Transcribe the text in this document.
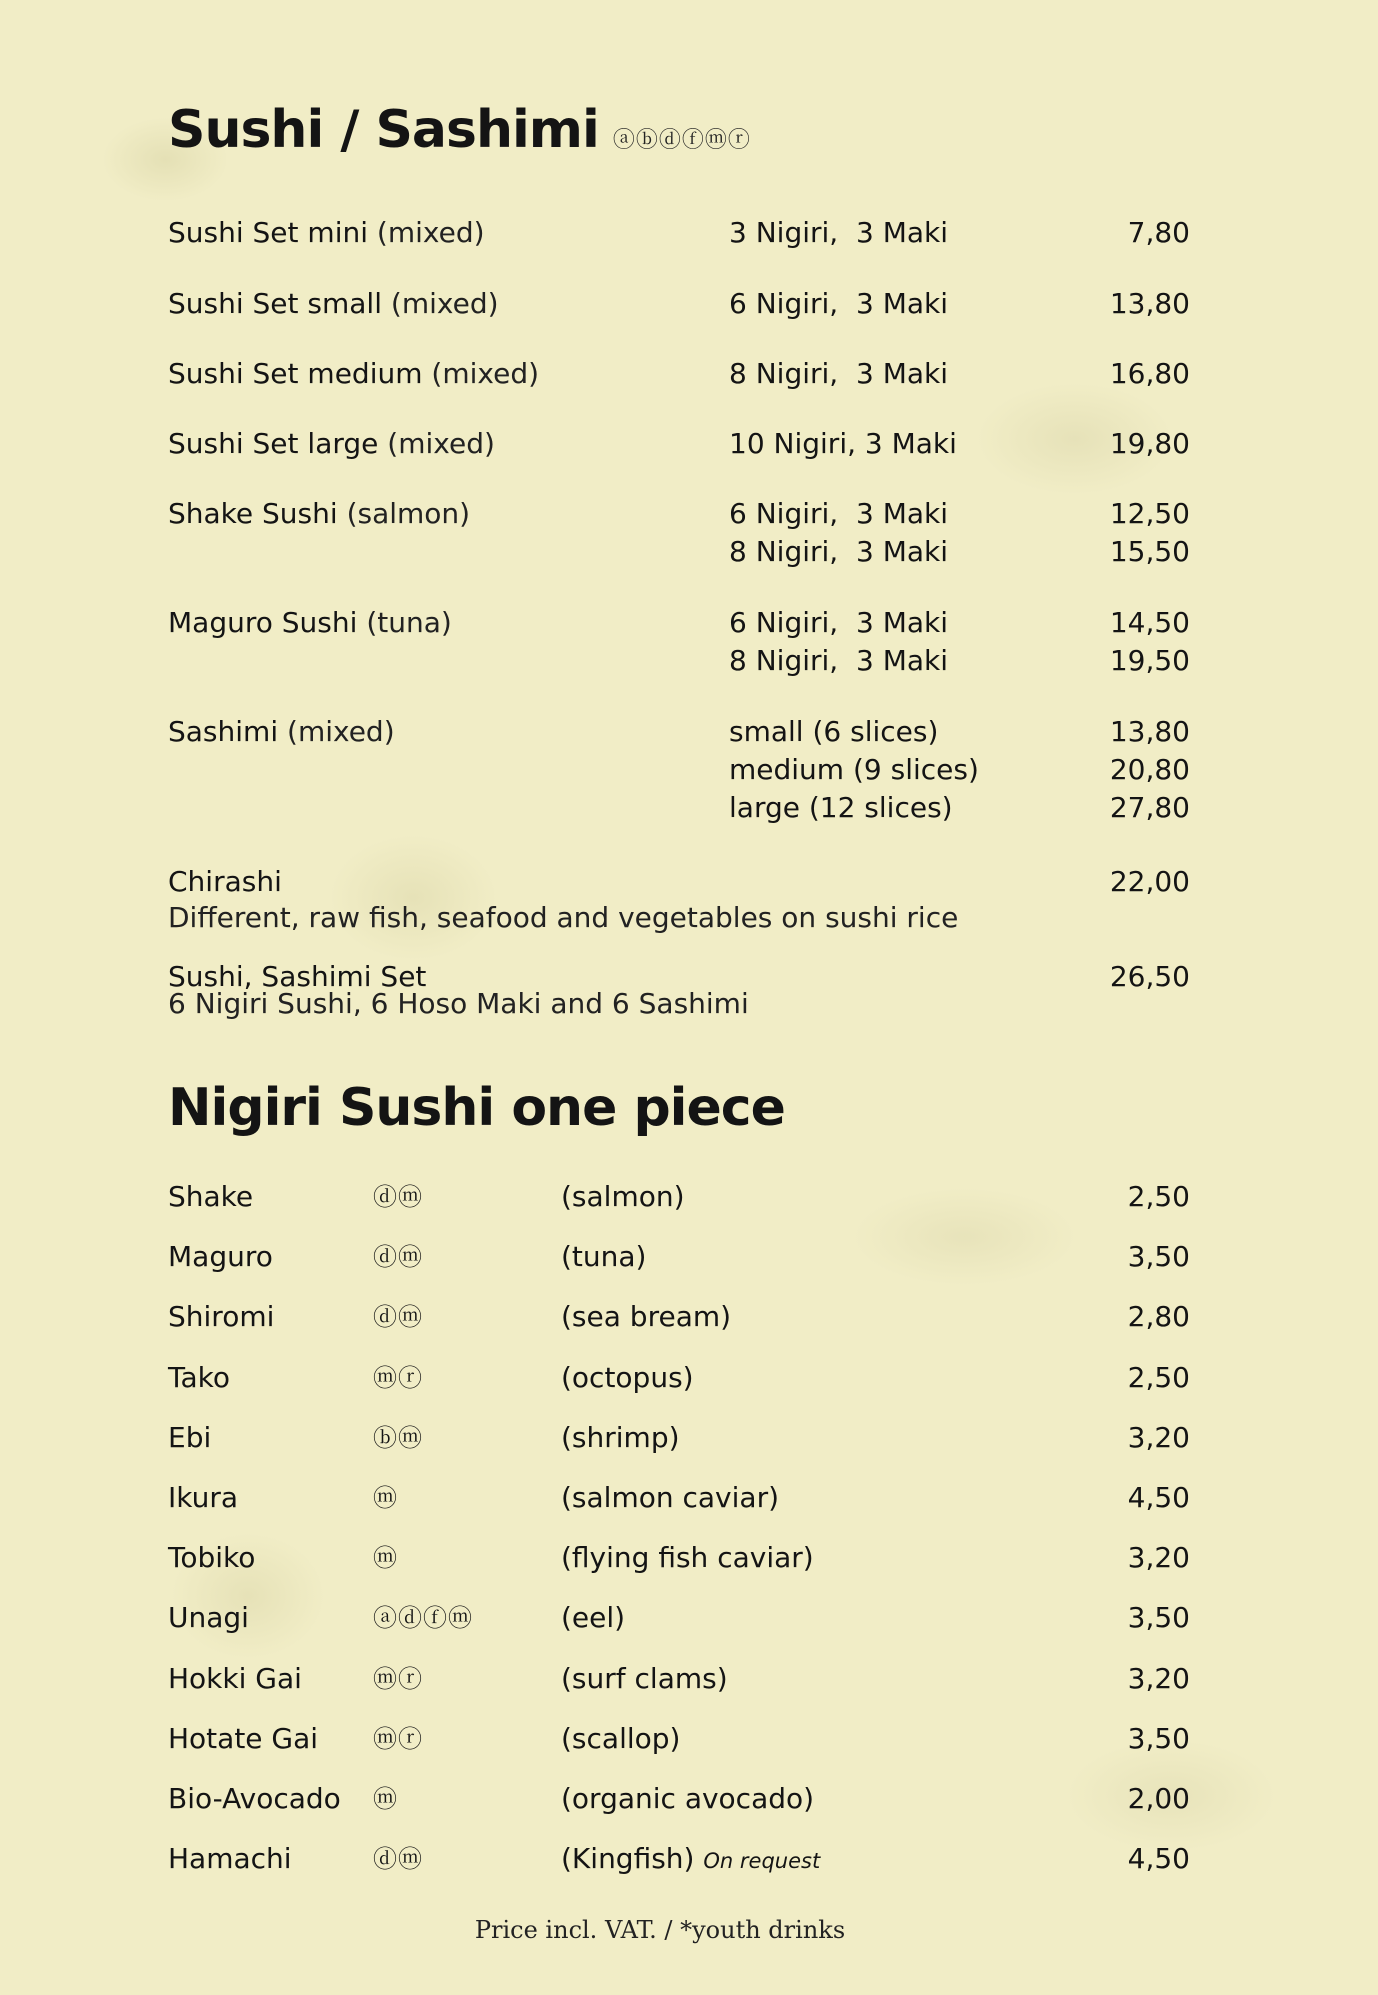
Sushi / Sashimi ⓐⓑⓓⓕⓜⓡ
Sushi Set mini (mixed)	3 Nigiri,  3 Maki	7,80
Sushi Set small (mixed)	6 Nigiri,  3 Maki	13,80
Sushi Set medium (mixed)	8 Nigiri,  3 Maki	16,80
Sushi Set large (mixed)	10 Nigiri, 3 Maki	19,80
Shake Sushi (salmon)	6 Nigiri,  3 Maki	12,50
8 Nigiri,  3 Maki	15,50
Maguro Sushi (tuna)	6 Nigiri,  3 Maki	14,50
8 Nigiri,  3 Maki	19,50
Sashimi (mixed)	small (6 slices)	13,80
medium (9 slices)	20,80
large (12 slices)	27,80
Chirashi	22,00
Different, raw fish, seafood and vegetables on sushi rice
Sushi, Sashimi Set	26,50
6 Nigiri Sushi, 6 Hoso Maki and 6 Sashimi
Nigiri Sushi one piece
Shake	ⓓⓜ	(salmon)	2,50
Maguro	ⓓⓜ	(tuna)	3,50
Shiromi	ⓓⓜ	(sea bream)	2,80
Tako	ⓜⓡ	(octopus)	2,50
Ebi	ⓑⓜ	(shrimp)	3,20
Ikura	ⓜ	(salmon caviar)	4,50
Tobiko	ⓜ	(flying fish caviar)	3,20
Unagi	ⓐⓓⓕⓜ	(eel)	3,50
Hokki Gai	ⓜⓡ	(surf clams)	3,20
Hotate Gai ⓜⓡ	(scallop)	3,50
Bio-Avocado ⓜ	(organic avocado)	2,00
Hamachi	ⓓⓜ	(Kingfish) On request	4,50
Price incl. VAT. / *youth drinks
